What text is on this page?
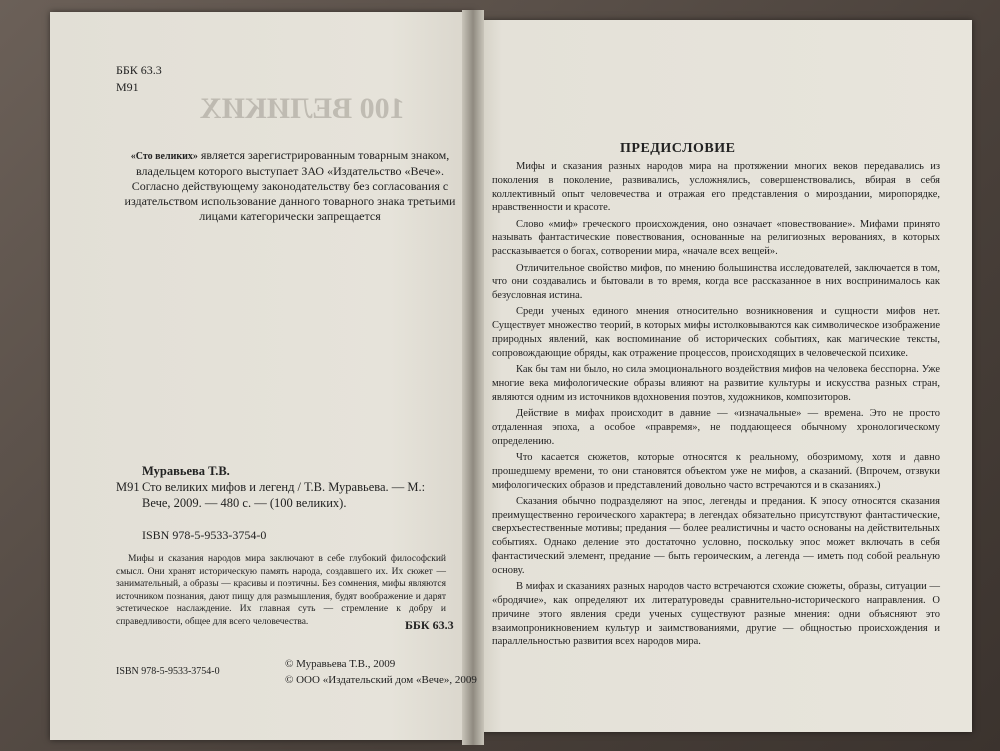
100 ВЕЛИКИХ
ББК 63.3
М91
«Сто великих» является зарегистрированным товарным знаком, владельцем которого выступает ЗАО «Издательство «Вече». Согласно действующему законодательству без согласования с издательством использование данного товарного знака третьими лицами категорически запрещается
Муравьева Т.В.
М91 Сто великих мифов и легенд / Т.В. Муравьева. — М.: Вече, 2009. — 480 с. — (100 великих).
ISBN 978-5-9533-3754-0
Мифы и сказания народов мира заключают в себе глубокий философский смысл. Они хранят историческую память народа, создавшего их. Их сюжет — занимательный, а образы — красивы и поэтичны. Без сомнения, мифы являются источником познания, дают пищу для размышления, будят воображение и дарят эстетическое наслаждение. Их главная суть — стремление к добру и справедливости, общее для всего человечества.	ББК 63.3
ISBN 978-5-9533-3754-0
© Муравьева Т.В., 2009
© ООО «Издательский дом «Вече», 2009
ПРЕДИСЛОВИЕ

Мифы и сказания разных народов мира на протяжении многих веков передавались из поколения в поколение, развивались, усложнялись, совершенствовались, вбирая в себя коллективный опыт человечества и отражая его представления о мироздании, миропорядке, нравственности и красоте.

Слово «миф» греческого происхождения, оно означает «повествование». Мифами принято называть фантастические повествования, основанные на религиозных верованиях, в которых рассказывается о богах, сотворении мира, «начале всех вещей».

Отличительное свойство мифов, по мнению большинства исследователей, заключается в том, что они создавались и бытовали в то время, когда все рассказанное в них воспринималось как безусловная истина.

Среди ученых единого мнения относительно возникновения и сущности мифов нет. Существует множество теорий, в которых мифы истолковываются как символическое изображение природных явлений, как воспоминание об исторических событиях, как магические тексты, сопровождающие обряды, как отражение процессов, происходящих в человеческой психике.

Как бы там ни было, но сила эмоционального воздействия мифов на человека бесспорна. Уже многие века мифологические образы влияют на развитие культуры и искусства разных стран, являются одним из источников вдохновения поэтов, художников, композиторов.

Действие в мифах происходит в давние — «изначальные» — времена. Это не просто отдаленная эпоха, а особое «правремя», не поддающееся обычному хронологическому определению.

Что касается сюжетов, которые относятся к реальному, обозримому, хотя и давно прошедшему времени, то они становятся объектом уже не мифов, а сказаний. (Впрочем, отзвуки мифологических образов и представлений довольно часто встречаются и в сказаниях.)

Сказания обычно подразделяют на эпос, легенды и предания. К эпосу относятся сказания преимущественно героического характера; в легендах обязательно присутствуют фантастические, сверхъестественные мотивы; предания — более реалистичны и часто основаны на действительных событиях. Однако деление это достаточно условно, поскольку эпос может включать в себя фантастический элемент, предание — быть героическим, а легенда — иметь под собой реальную основу.

В мифах и сказаниях разных народов часто встречаются схожие сюжеты, образы, ситуации — «бродячие», как определяют их литературоведы сравнительно-исторического направления. О причине этого явления среди ученых существуют разные мнения: одни объясняют это взаимопроникновением культур и заимствованиями, другие — общностью происхождения и параллельностью развития всех народов мира.
